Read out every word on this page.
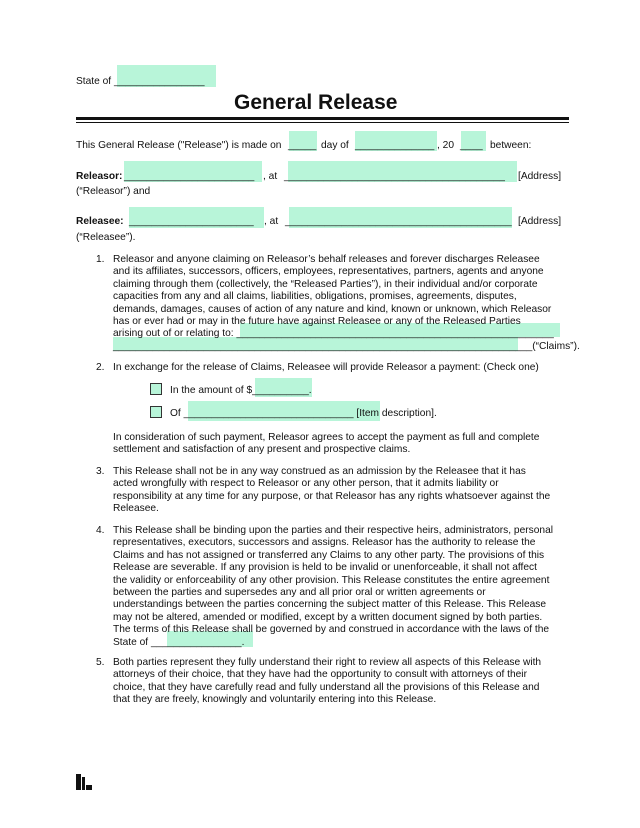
State of ________________
General Release
This General Release ("Release") is made on _____ day of ______________ , 20 ____ between:
Releasor: _______________________ , at _______________________________________ [Address]
(“Releasor”) and
Releasee: ______________________ , at ________________________________________ [Address]
(“Releasee”).
1. Releasor and anyone claiming on Releasor’s behalf releases and forever discharges Releasee
and its affiliates, successors, officers, employees, representatives, partners, agents and anyone
claiming through them (collectively, the “Released Parties”), in their individual and/or corporate
capacities from any and all claims, liabilities, obligations, promises, agreements, disputes,
demands, damages, causes of action of any nature and kind, known or unknown, which Releasor
has or ever had or may in the future have against Releasee or any of the Released Parties
arising out of or relating to: ________________________________________________________
__________________________________________________________________________(“Claims”).
2. In exchange for the release of Claims, Releasee will provide Releasor a payment: (Check one)
In the amount of $__________.
Of ______________________________ [Item description].
In consideration of such payment, Releasor agrees to accept the payment as full and complete
settlement and satisfaction of any present and prospective claims.
3. This Release shall not be in any way construed as an admission by the Releasee that it has
acted wrongfully with respect to Releasor or any other person, that it admits liability or
responsibility at any time for any purpose, or that Releasor has any rights whatsoever against the
Releasee.
4. This Release shall be binding upon the parties and their respective heirs, administrators, personal
representatives, executors, successors and assigns. Releasor has the authority to release the
Claims and has not assigned or transferred any Claims to any other party. The provisions of this
Release are severable. If any provision is held to be invalid or unenforceable, it shall not affect
the validity or enforceability of any other provision. This Release constitutes the entire agreement
between the parties and supersedes any and all prior oral or written agreements or
understandings between the parties concerning the subject matter of this Release. This Release
may not be altered, amended or modified, except by a written document signed by both parties.
The terms of this Release shall be governed by and construed in accordance with the laws of the
State of ________________.
5. Both parties represent they fully understand their right to review all aspects of this Release with
attorneys of their choice, that they have had the opportunity to consult with attorneys of their
choice, that they have carefully read and fully understand all the provisions of this Release and
that they are freely, knowingly and voluntarily entering into this Release.
